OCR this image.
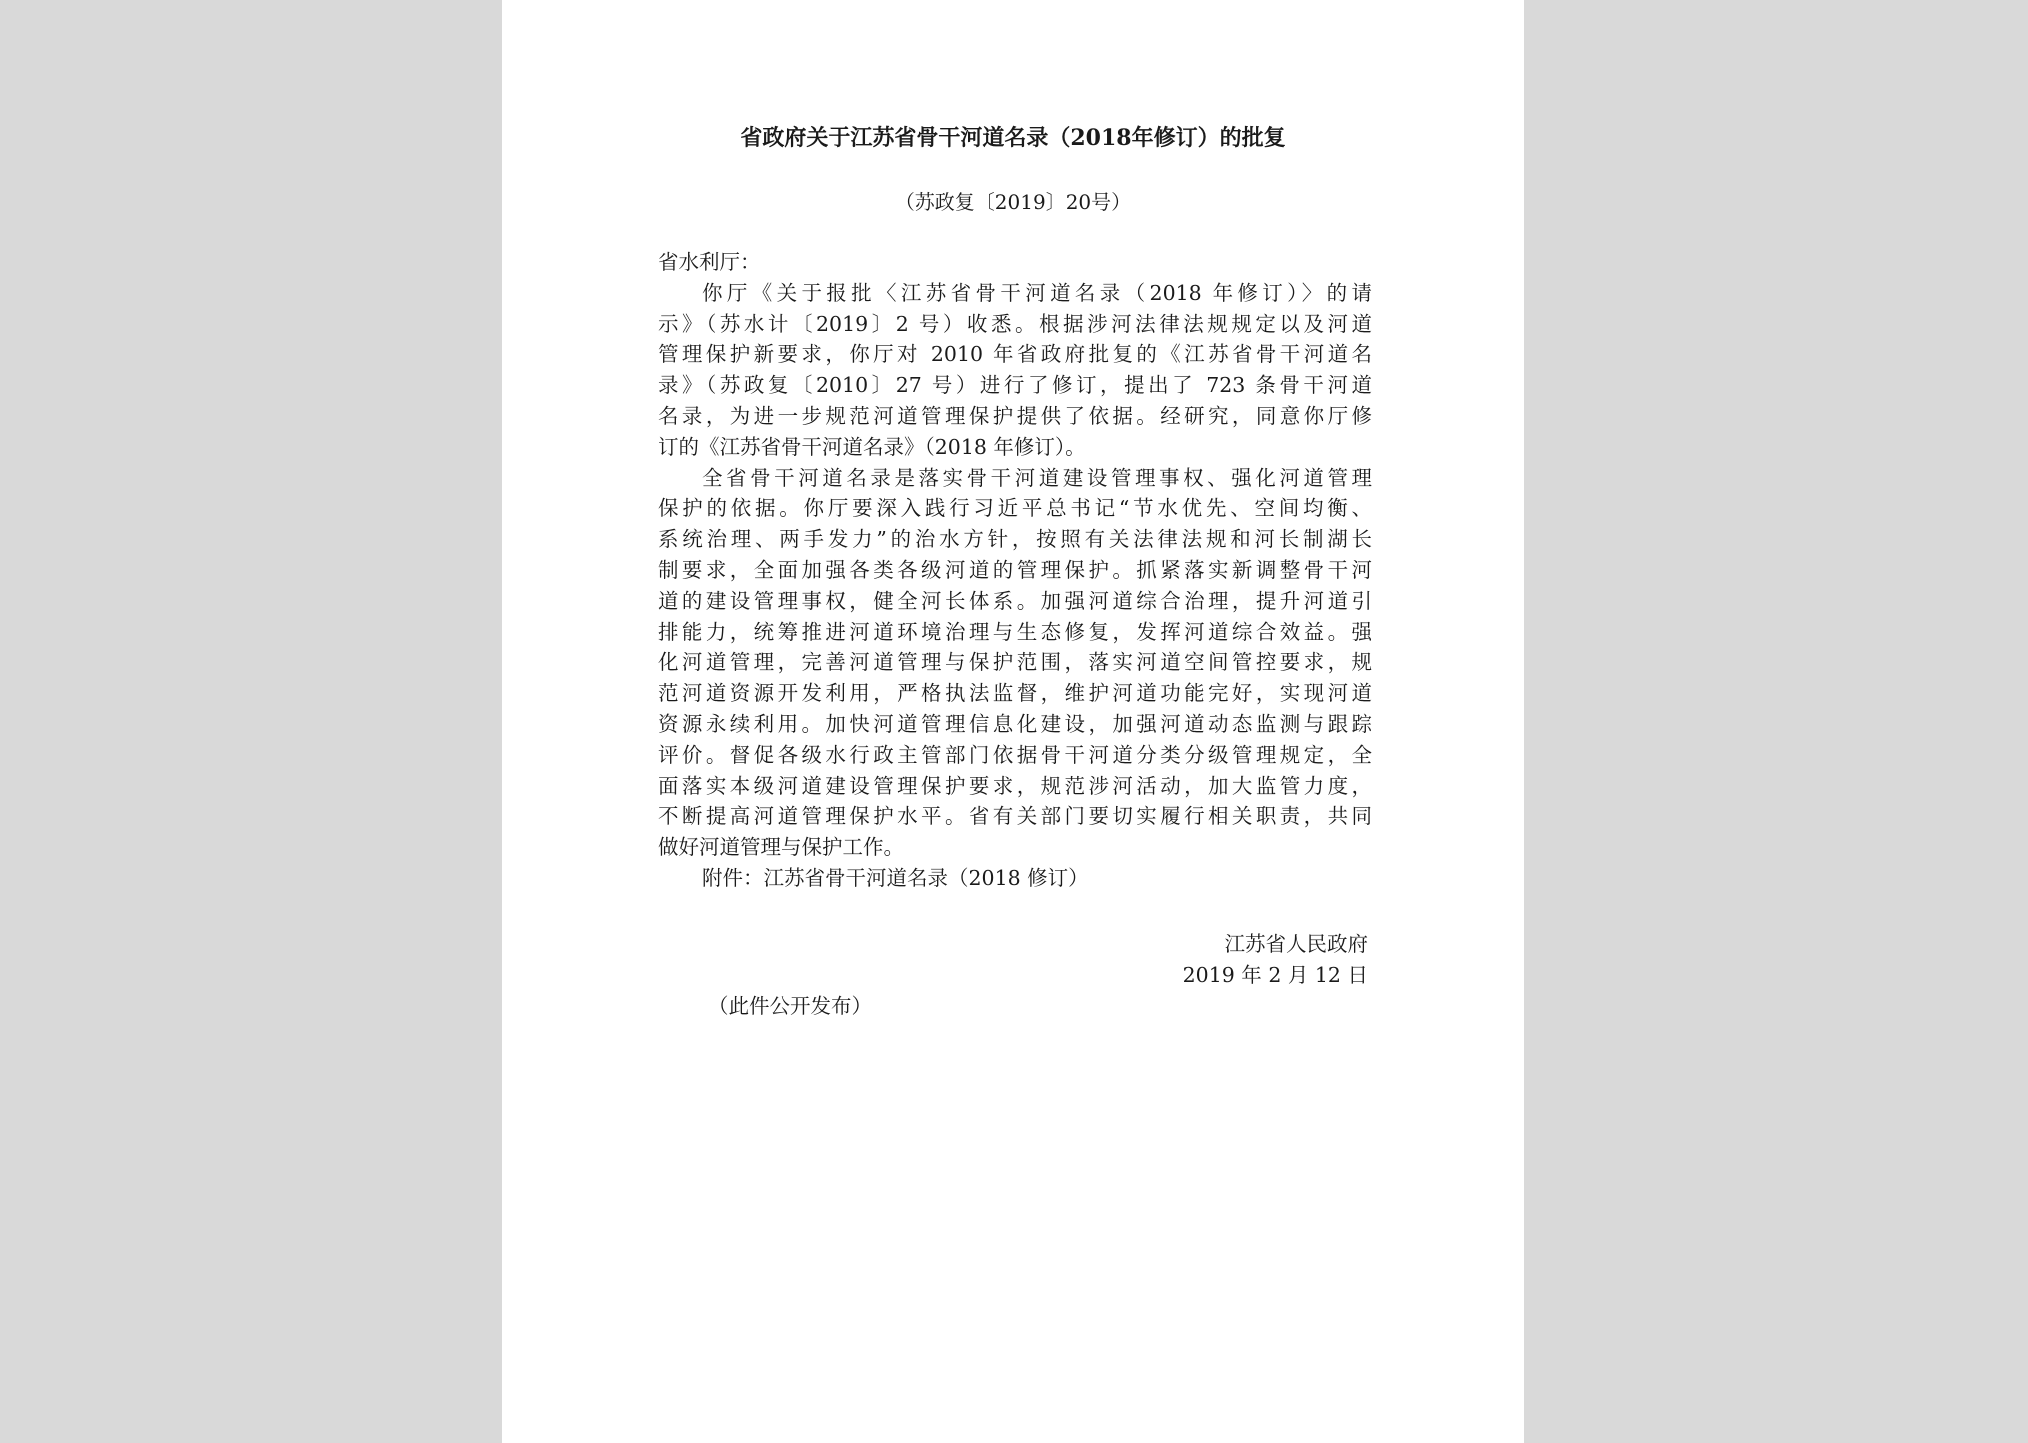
省政府关于江苏省骨干河道名录（2018年修订）的批复
（苏政复〔2019〕20号）
省水利厅：
你厅《关于报批〈江苏省骨干河道名录（2018 年修订）〉的请
示》（苏水计〔2019〕2 号）收悉。根据涉河法律法规规定以及河道
管理保护新要求，你厅对 2010 年省政府批复的《江苏省骨干河道名
录》（苏政复〔2010〕27 号）进行了修订，提出了 723 条骨干河道
名录，为进一步规范河道管理保护提供了依据。经研究，同意你厅修
订的《江苏省骨干河道名录》（2018 年修订）。
全省骨干河道名录是落实骨干河道建设管理事权、强化河道管理
保护的依据。你厅要深入践行习近平总书记“节水优先、空间均衡、
系统治理、两手发力”的治水方针，按照有关法律法规和河长制湖长
制要求，全面加强各类各级河道的管理保护。抓紧落实新调整骨干河
道的建设管理事权，健全河长体系。加强河道综合治理，提升河道引
排能力，统筹推进河道环境治理与生态修复，发挥河道综合效益。强
化河道管理，完善河道管理与保护范围，落实河道空间管控要求，规
范河道资源开发利用，严格执法监督，维护河道功能完好，实现河道
资源永续利用。加快河道管理信息化建设，加强河道动态监测与跟踪
评价。督促各级水行政主管部门依据骨干河道分类分级管理规定，全
面落实本级河道建设管理保护要求，规范涉河活动，加大监管力度，
不断提高河道管理保护水平。省有关部门要切实履行相关职责，共同
做好河道管理与保护工作。
附件：江苏省骨干河道名录（2018 修订）
江苏省人民政府
2019 年 2 月 12 日
（此件公开发布）
